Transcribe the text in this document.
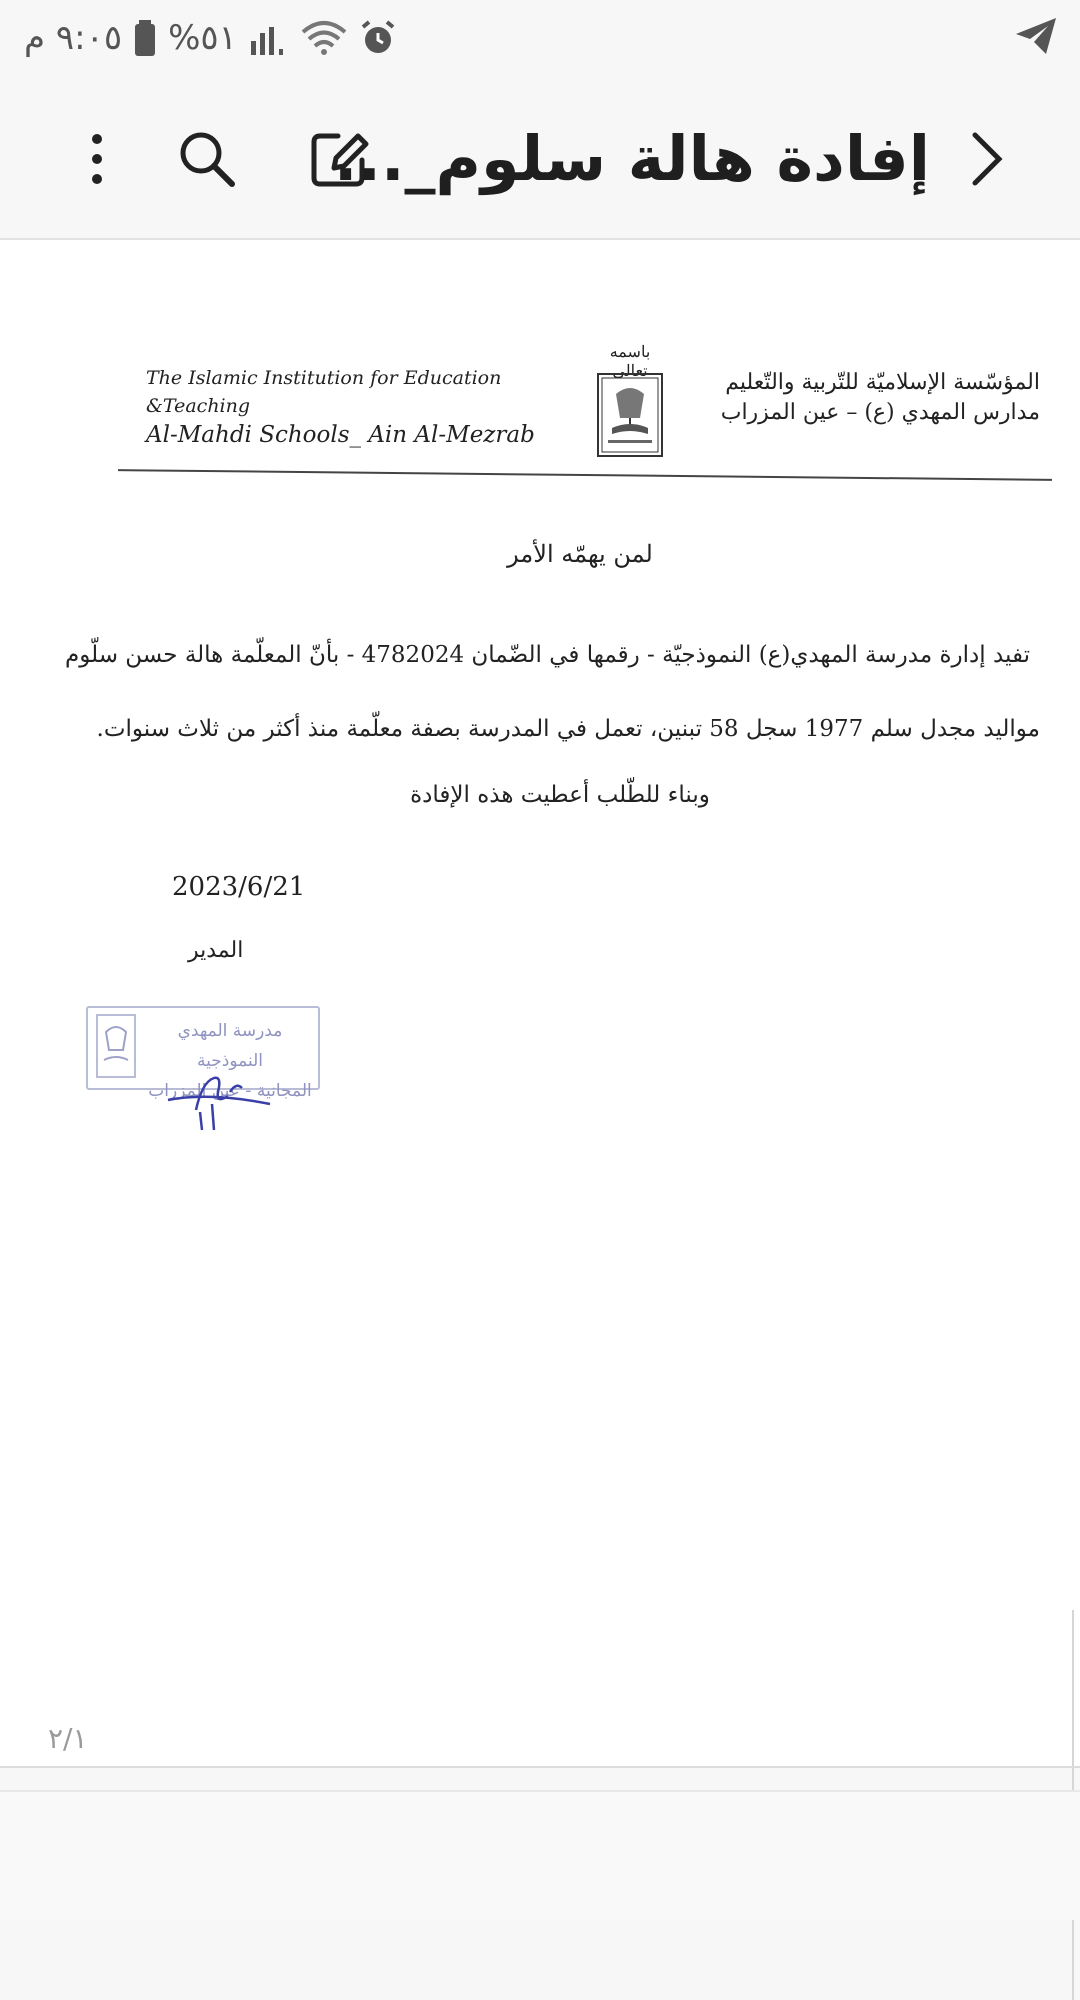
٩:٠٥ م %٥١
إفادة هالة سلوم_...
المؤسّسة الإسلاميّة للتّربية والتّعليم
مدارس المهدي (ع) – عين المزراب
باسمه تعالى
The Islamic Institution for Education &Teaching
Al-Mahdi Schools_ Ain Al-Mezrab
لمن يهمّه الأمر
تفيد إدارة مدرسة المهدي(ع) النموذجيّة - رقمها في الضّمان 4782024 - بأنّ المعلّمة هالة حسن سلّوم
مواليد مجدل سلم 1977 سجل 58 تبنين، تعمل في المدرسة بصفة معلّمة منذ أكثر من ثلاث سنوات.
وبناء للطّلب أعطيت هذه الإفادة
2023/6/21
المدير
مدرسة المهدي النموذجية
المجانية - عين المزراب
٢/١
